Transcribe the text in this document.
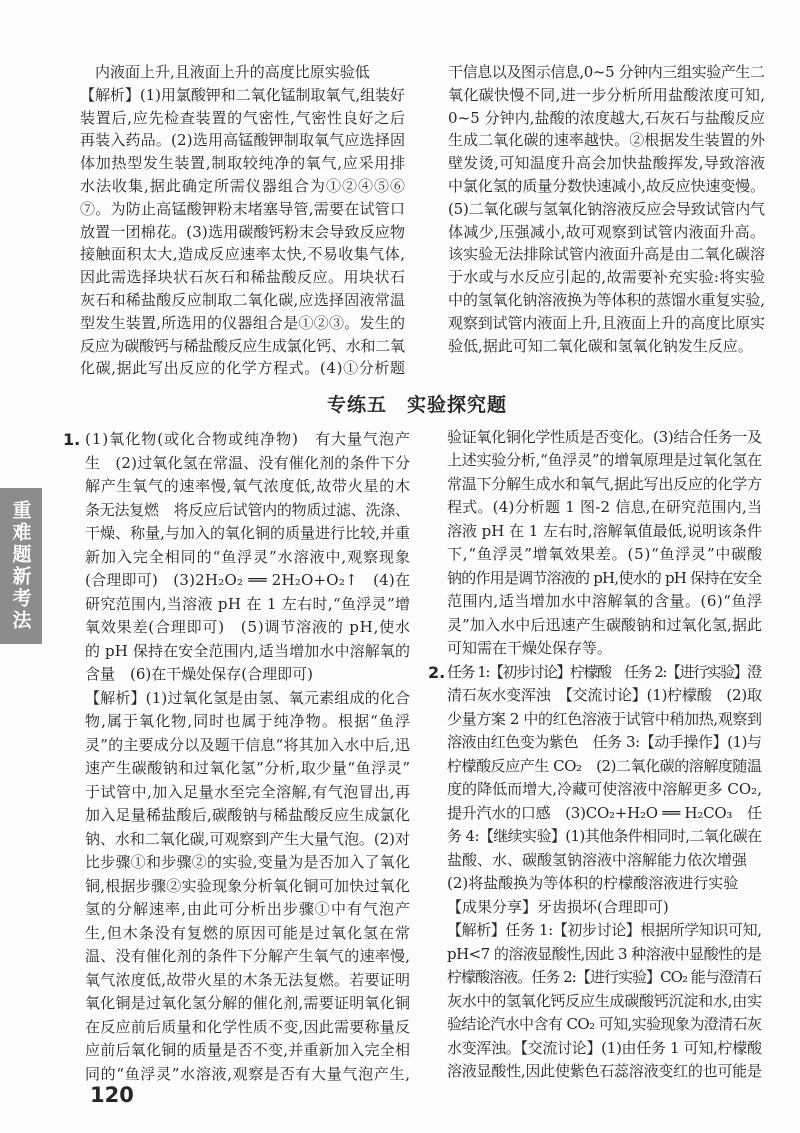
内液面上升,且液面上升的高度比原实验低
【解析】(1)用氯酸钾和二氧化锰制取氧气,组装好
装置后,应先检查装置的气密性,气密性良好之后
再装入药品。(2)选用高锰酸钾制取氧气应选择固
体加热型发生装置,制取较纯净的氧气,应采用排
水法收集,据此确定所需仪器组合为①②④⑤⑥
⑦。为防止高锰酸钾粉末堵塞导管,需要在试管口
放置一团棉花。(3)选用碳酸钙粉末会导致反应物
接触面积太大,造成反应速率太快,不易收集气体,
因此需选择块状石灰石和稀盐酸反应。用块状石
灰石和稀盐酸反应制取二氧化碳,应选择固液常温
型发生装置,所选用的仪器组合是①②③。发生的
反应为碳酸钙与稀盐酸反应生成氯化钙、水和二氧
化碳,据此写出反应的化学方程式。(4)①分析题
干信息以及图示信息,0~5 分钟内三组实验产生二
氧化碳快慢不同,进一步分析所用盐酸浓度可知,
0~5 分钟内,盐酸的浓度越大,石灰石与盐酸反应
生成二氧化碳的速率越快。②根据发生装置的外
壁发烫,可知温度升高会加快盐酸挥发,导致溶液
中氯化氢的质量分数快速减小,故反应快速变慢。
(5)二氧化碳与氢氧化钠溶液反应会导致试管内气
体减少,压强减小,故可观察到试管内液面升高。
该实验无法排除试管内液面升高是由二氧化碳溶
于水或与水反应引起的,故需要补充实验:将实验
中的氢氧化钠溶液换为等体积的蒸馏水重复实验,
观察到试管内液面上升,且液面上升的高度比原实
验低,据此可知二氧化碳和氢氧化钠发生反应。
专练五　实验探究题
1. (1)氧化物(或化合物或纯净物)　有大量气泡产
生　(2)过氧化氢在常温、没有催化剂的条件下分
解产生氧气的速率慢,氧气浓度低,故带火星的木
条无法复燃　将反应后试管内的物质过滤、洗涤、
干燥、称量,与加入的氧化铜的质量进行比较,并重
新加入完全相同的“鱼浮灵”水溶液中,观察现象
(合理即可)　(3)2H₂O₂ ══ 2H₂O+O₂↑　(4)在
研究范围内,当溶液 pH 在 1 左右时,“鱼浮灵”增
氧效果差(合理即可)　(5)调节溶液的 pH,使水
的 pH 保持在安全范围内,适当增加水中溶解氧的
含量　(6)在干燥处保存(合理即可)
【解析】(1)过氧化氢是由氢、氧元素组成的化合
物,属于氧化物,同时也属于纯净物。根据“鱼浮
灵”的主要成分以及题干信息“将其加入水中后,迅
速产生碳酸钠和过氧化氢”分析,取少量“鱼浮灵”
于试管中,加入足量水至完全溶解,有气泡冒出,再
加入足量稀盐酸后,碳酸钠与稀盐酸反应生成氯化
钠、水和二氧化碳,可观察到产生大量气泡。(2)对
比步骤①和步骤②的实验,变量为是否加入了氧化
铜,根据步骤②实验现象分析氧化铜可加快过氧化
氢的分解速率,由此可分析出步骤①中有气泡产
生,但木条没有复燃的原因可能是过氧化氢在常
温、没有催化剂的条件下分解产生氧气的速率慢,
氧气浓度低,故带火星的木条无法复燃。若要证明
氧化铜是过氧化氢分解的催化剂,需要证明氧化铜
在反应前后质量和化学性质不变,因此需要称量反
应前后氧化铜的质量是否不变,并重新加入完全相
同的“鱼浮灵”水溶液,观察是否有大量气泡产生,
2.
验证氧化铜化学性质是否变化。(3)结合任务一及
上述实验分析,“鱼浮灵”的增氧原理是过氧化氢在
常温下分解生成水和氧气,据此写出反应的化学方
程式。(4)分析题 1 图-2 信息,在研究范围内,当
溶液 pH 在 1 左右时,溶解氧值最低,说明该条件
下,“鱼浮灵”增氧效果差。(5)“鱼浮灵”中碳酸
钠的作用是调节溶液的 pH,使水的 pH 保持在安全
范围内,适当增加水中溶解氧的含量。(6)“鱼浮
灵”加入水中后迅速产生碳酸钠和过氧化氢,据此
可知需在干燥处保存等。
任务 1:【初步讨论】柠檬酸　任务 2:【进行实验】澄
清石灰水变浑浊　【交流讨论】(1)柠檬酸　(2)取
少量方案 2 中的红色溶液于试管中稍加热,观察到
溶液由红色变为紫色　任务 3:【动手操作】(1)与
柠檬酸反应产生 CO₂　(2)二氧化碳的溶解度随温
度的降低而增大,冷藏可使溶液中溶解更多 CO₂,
提升汽水的口感　(3)CO₂+H₂O ══ H₂CO₃　任
务 4:【继续实验】(1)其他条件相同时,二氧化碳在
盐酸、水、碳酸氢钠溶液中溶解能力依次增强
(2)将盐酸换为等体积的柠檬酸溶液进行实验
【成果分享】牙齿损坏(合理即可)
【解析】任务 1:【初步讨论】根据所学知识可知,
pH<7 的溶液显酸性,因此 3 种溶液中显酸性的是
柠檬酸溶液。任务 2:【进行实验】CO₂ 能与澄清石
灰水中的氢氧化钙反应生成碳酸钙沉淀和水,由实
验结论汽水中含有 CO₂ 可知,实验现象为澄清石灰
水变浑浊。【交流讨论】(1)由任务 1 可知,柠檬酸
溶液显酸性,因此使紫色石蕊溶液变红的也可能是
重难题新考法
120
